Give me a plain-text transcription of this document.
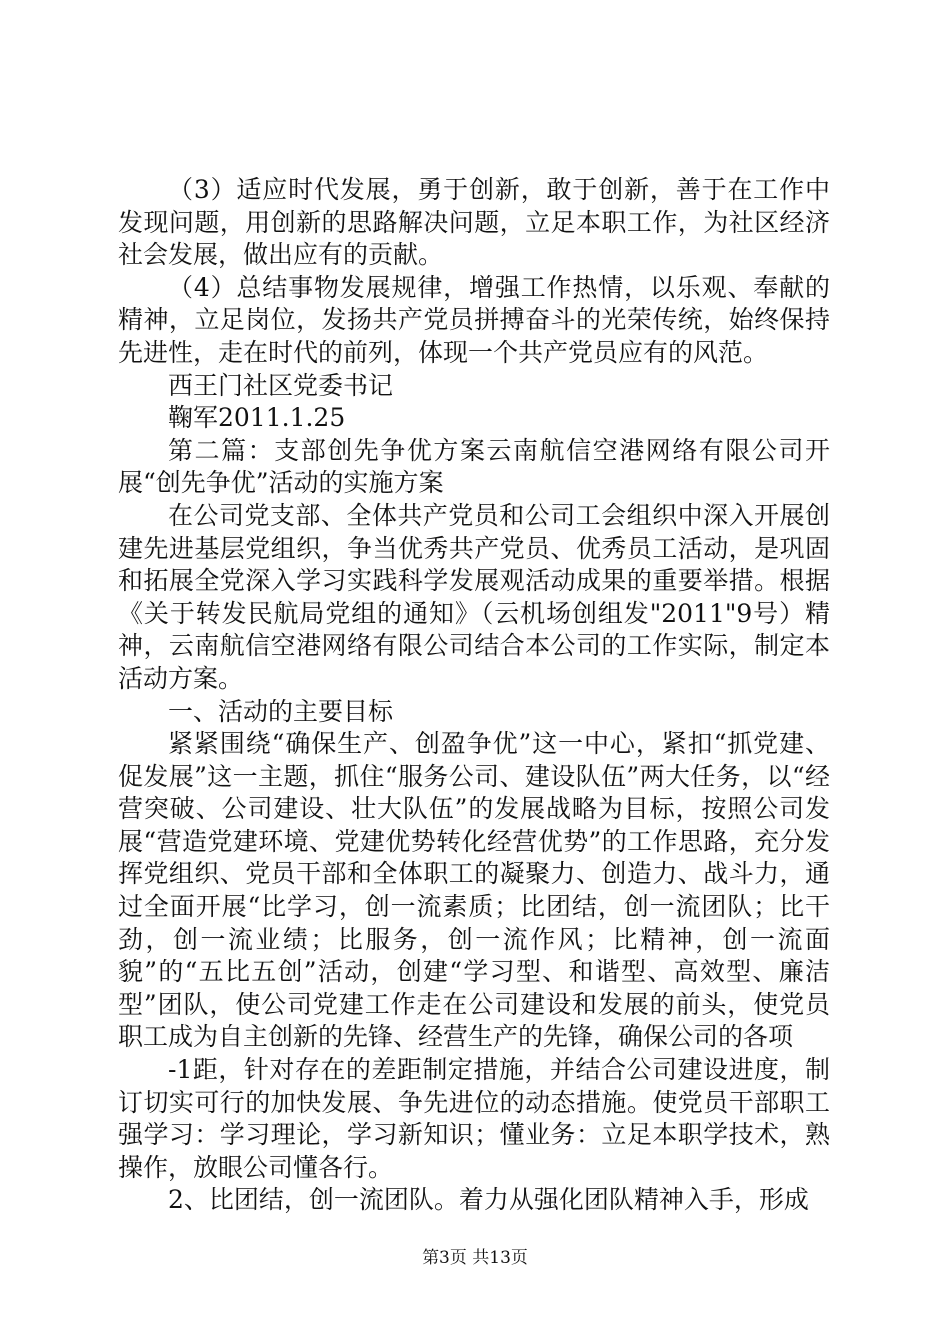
（3）适应时代发展，勇于创新，敢于创新，善于在工作中发现问题，用创新的思路解决问题，立足本职工作，为社区经济社会发展，做出应有的贡献。

（4）总结事物发展规律，增强工作热情，以乐观、奉献的精神，立足岗位，发扬共产党员拼搏奋斗的光荣传统，始终保持先进性，走在时代的前列，体现一个共产党员应有的风范。

西王门社区党委书记

鞠军2011.1.25

第二篇：支部创先争优方案云南航信空港网络有限公司开展“创先争优”活动的实施方案

在公司党支部、全体共产党员和公司工会组织中深入开展创建先进基层党组织，争当优秀共产党员、优秀员工活动，是巩固和拓展全党深入学习实践科学发展观活动成果的重要举措。根据《关于转发民航局党组的通知》（云机场创组发"2011"9号）精神，云南航信空港网络有限公司结合本公司的工作实际，制定本活动方案。

一、活动的主要目标

紧紧围绕“确保生产、创盈争优”这一中心，紧扣“抓党建、促发展”这一主题，抓住“服务公司、建设队伍”两大任务，以“经营突破、公司建设、壮大队伍”的发展战略为目标，按照公司发展“营造党建环境、党建优势转化经营优势”的工作思路，充分发挥党组织、党员干部和全体职工的凝聚力、创造力、战斗力，通过全面开展“比学习，创一流素质；比团结，创一流团队；比干劲，创一流业绩；比服务，创一流作风；比精神，创一流面貌”的“五比五创”活动，创建“学习型、和谐型、高效型、廉洁型”团队，使公司党建工作走在公司建设和发展的前头，使党员职工成为自主创新的先锋、经营生产的先锋，确保公司的各项

-1距，针对存在的差距制定措施，并结合公司建设进度，制订切实可行的加快发展、争先进位的动态措施。使党员干部职工强学习：学习理论，学习新知识；懂业务：立足本职学技术，熟操作，放眼公司懂各行。

2、比团结，创一流团队。着力从强化团队精神入手，形成

第3页 共13页
